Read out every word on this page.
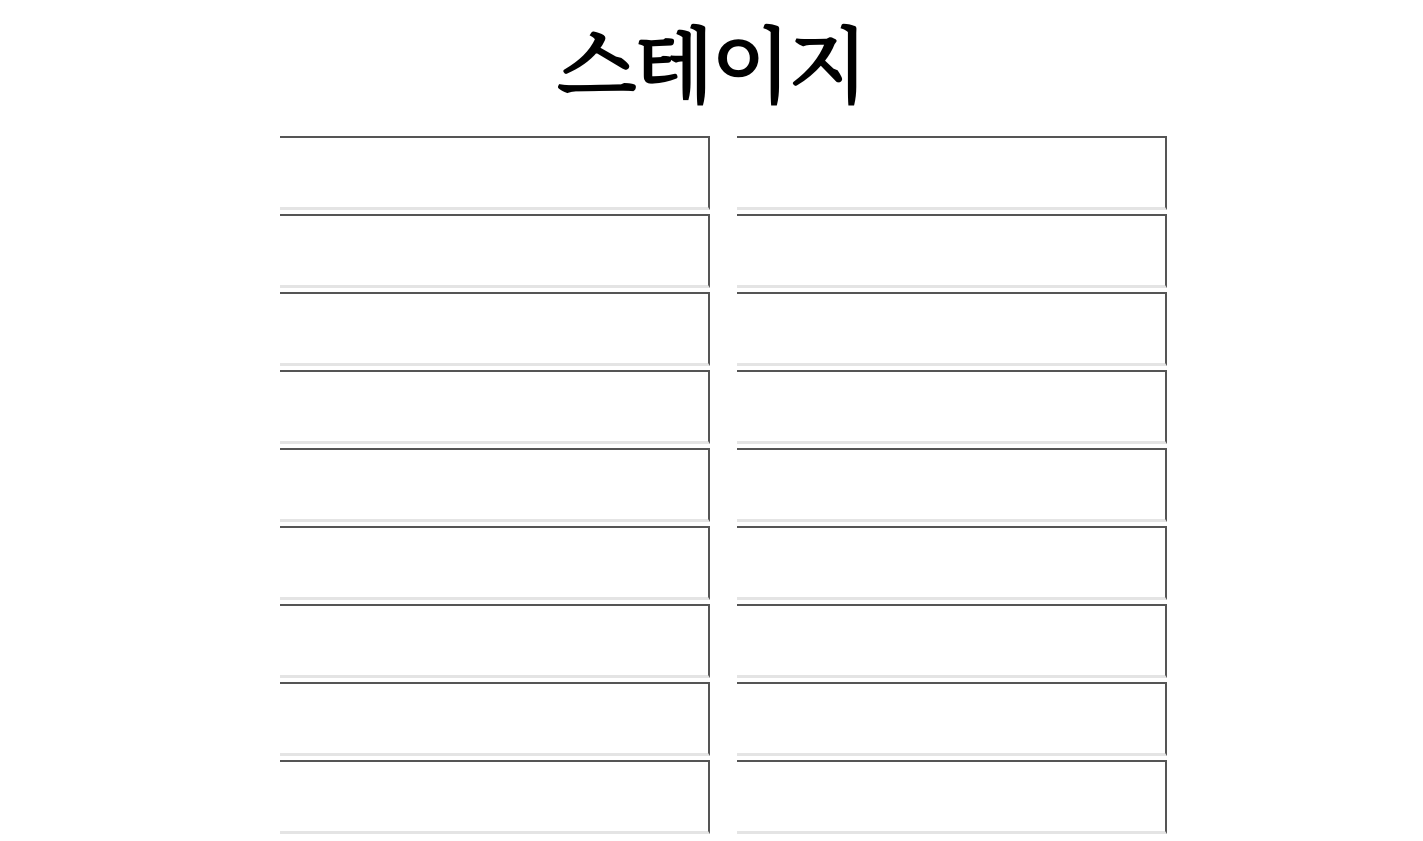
스테이지
